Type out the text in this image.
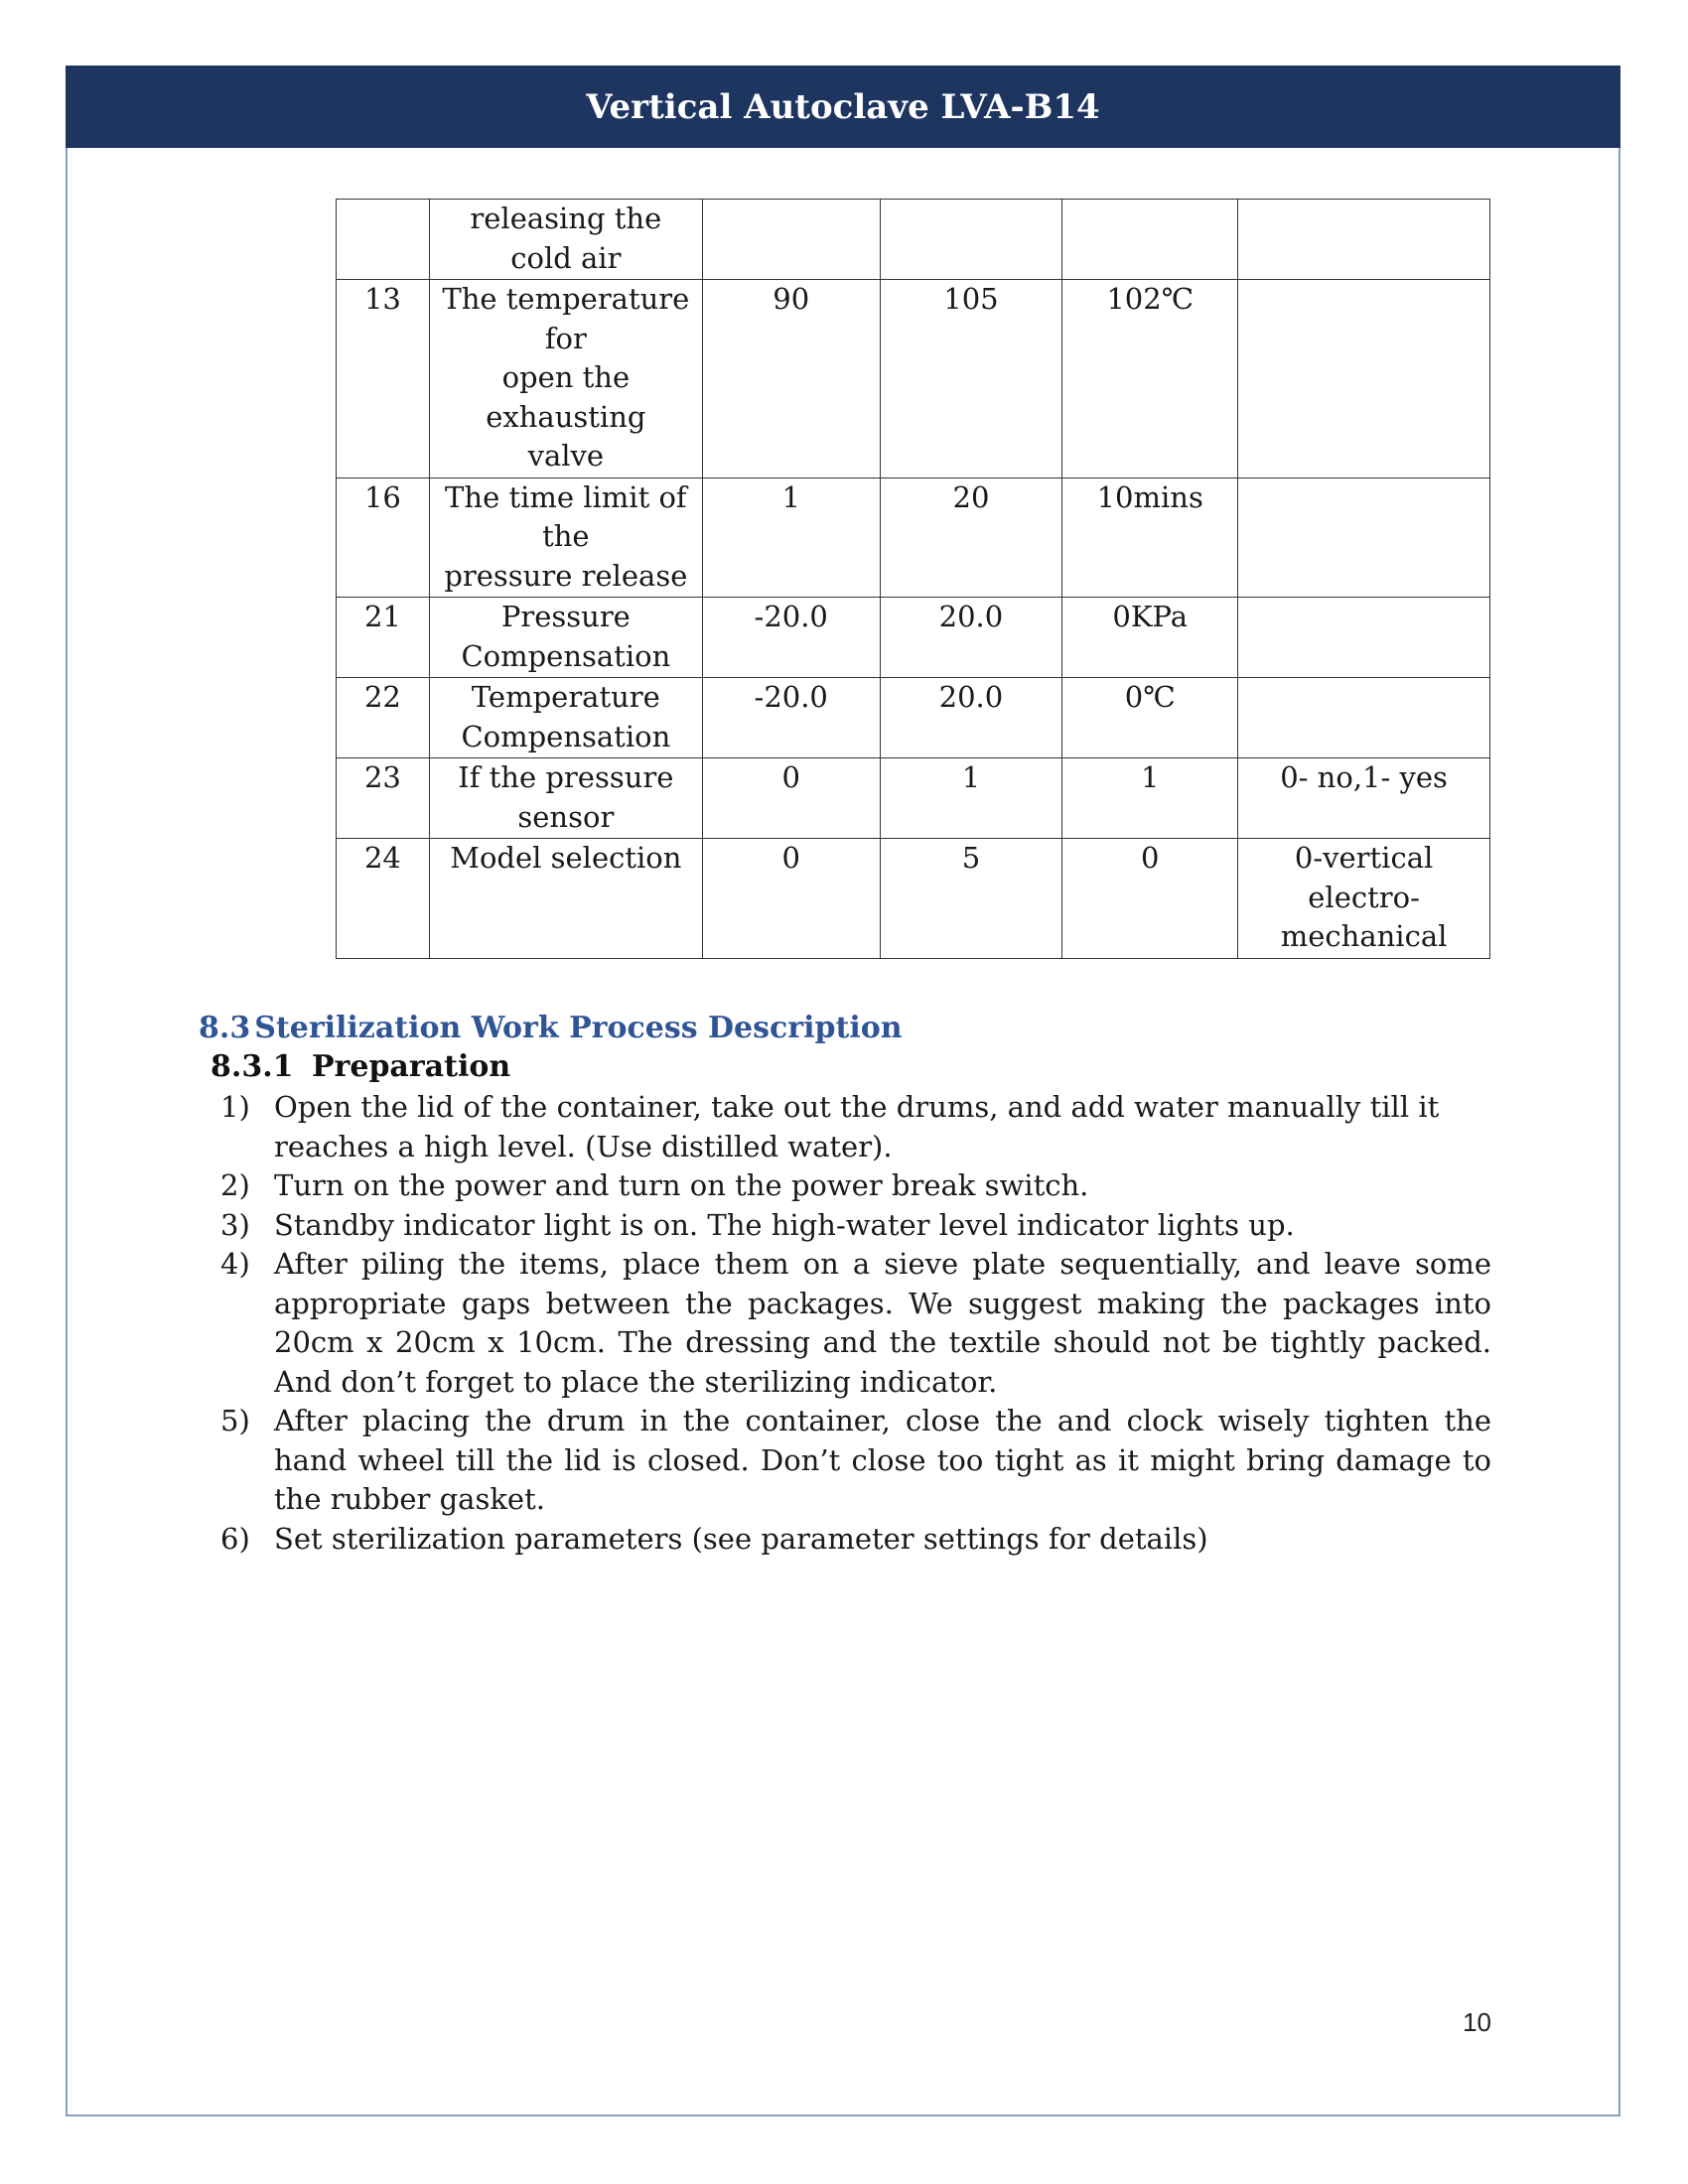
Vertical Autoclave LVA-B14

	releasing the
cold air				

13	The temperature
for
open the
exhausting
valve	90	105	102℃	
16	The time limit of
the
pressure release	1	20	10mins	
21	Pressure
Compensation	-20.0	20.0	0KPa	
22	Temperature
Compensation	-20.0	20.0	0℃	
23	If the pressure
sensor	0	1	1	0- no,1- yes

24	Model selection	0	5	0	0-vertical
electro-
mechanical
8.3 Sterilization Work Process Description
8.3.1 Preparation
1) Open the lid of the container, take out the drums, and add water manually till it reaches a high level. (Use distilled water).
2) Turn on the power and turn on the power break switch.
3) Standby indicator light is on. The high-water level indicator lights up.
4) After piling the items, place them on a sieve plate sequentially, and leave some appropriate gaps between the packages. We suggest making the packages into 20cm x 20cm x 10cm. The dressing and the textile should not be tightly packed. And don’t forget to place the sterilizing indicator.
5) After placing the drum in the container, close the and clock wisely tighten the hand wheel till the lid is closed. Don’t close too tight as it might bring damage to the rubber gasket.
6) Set sterilization parameters (see parameter settings for details)
10
